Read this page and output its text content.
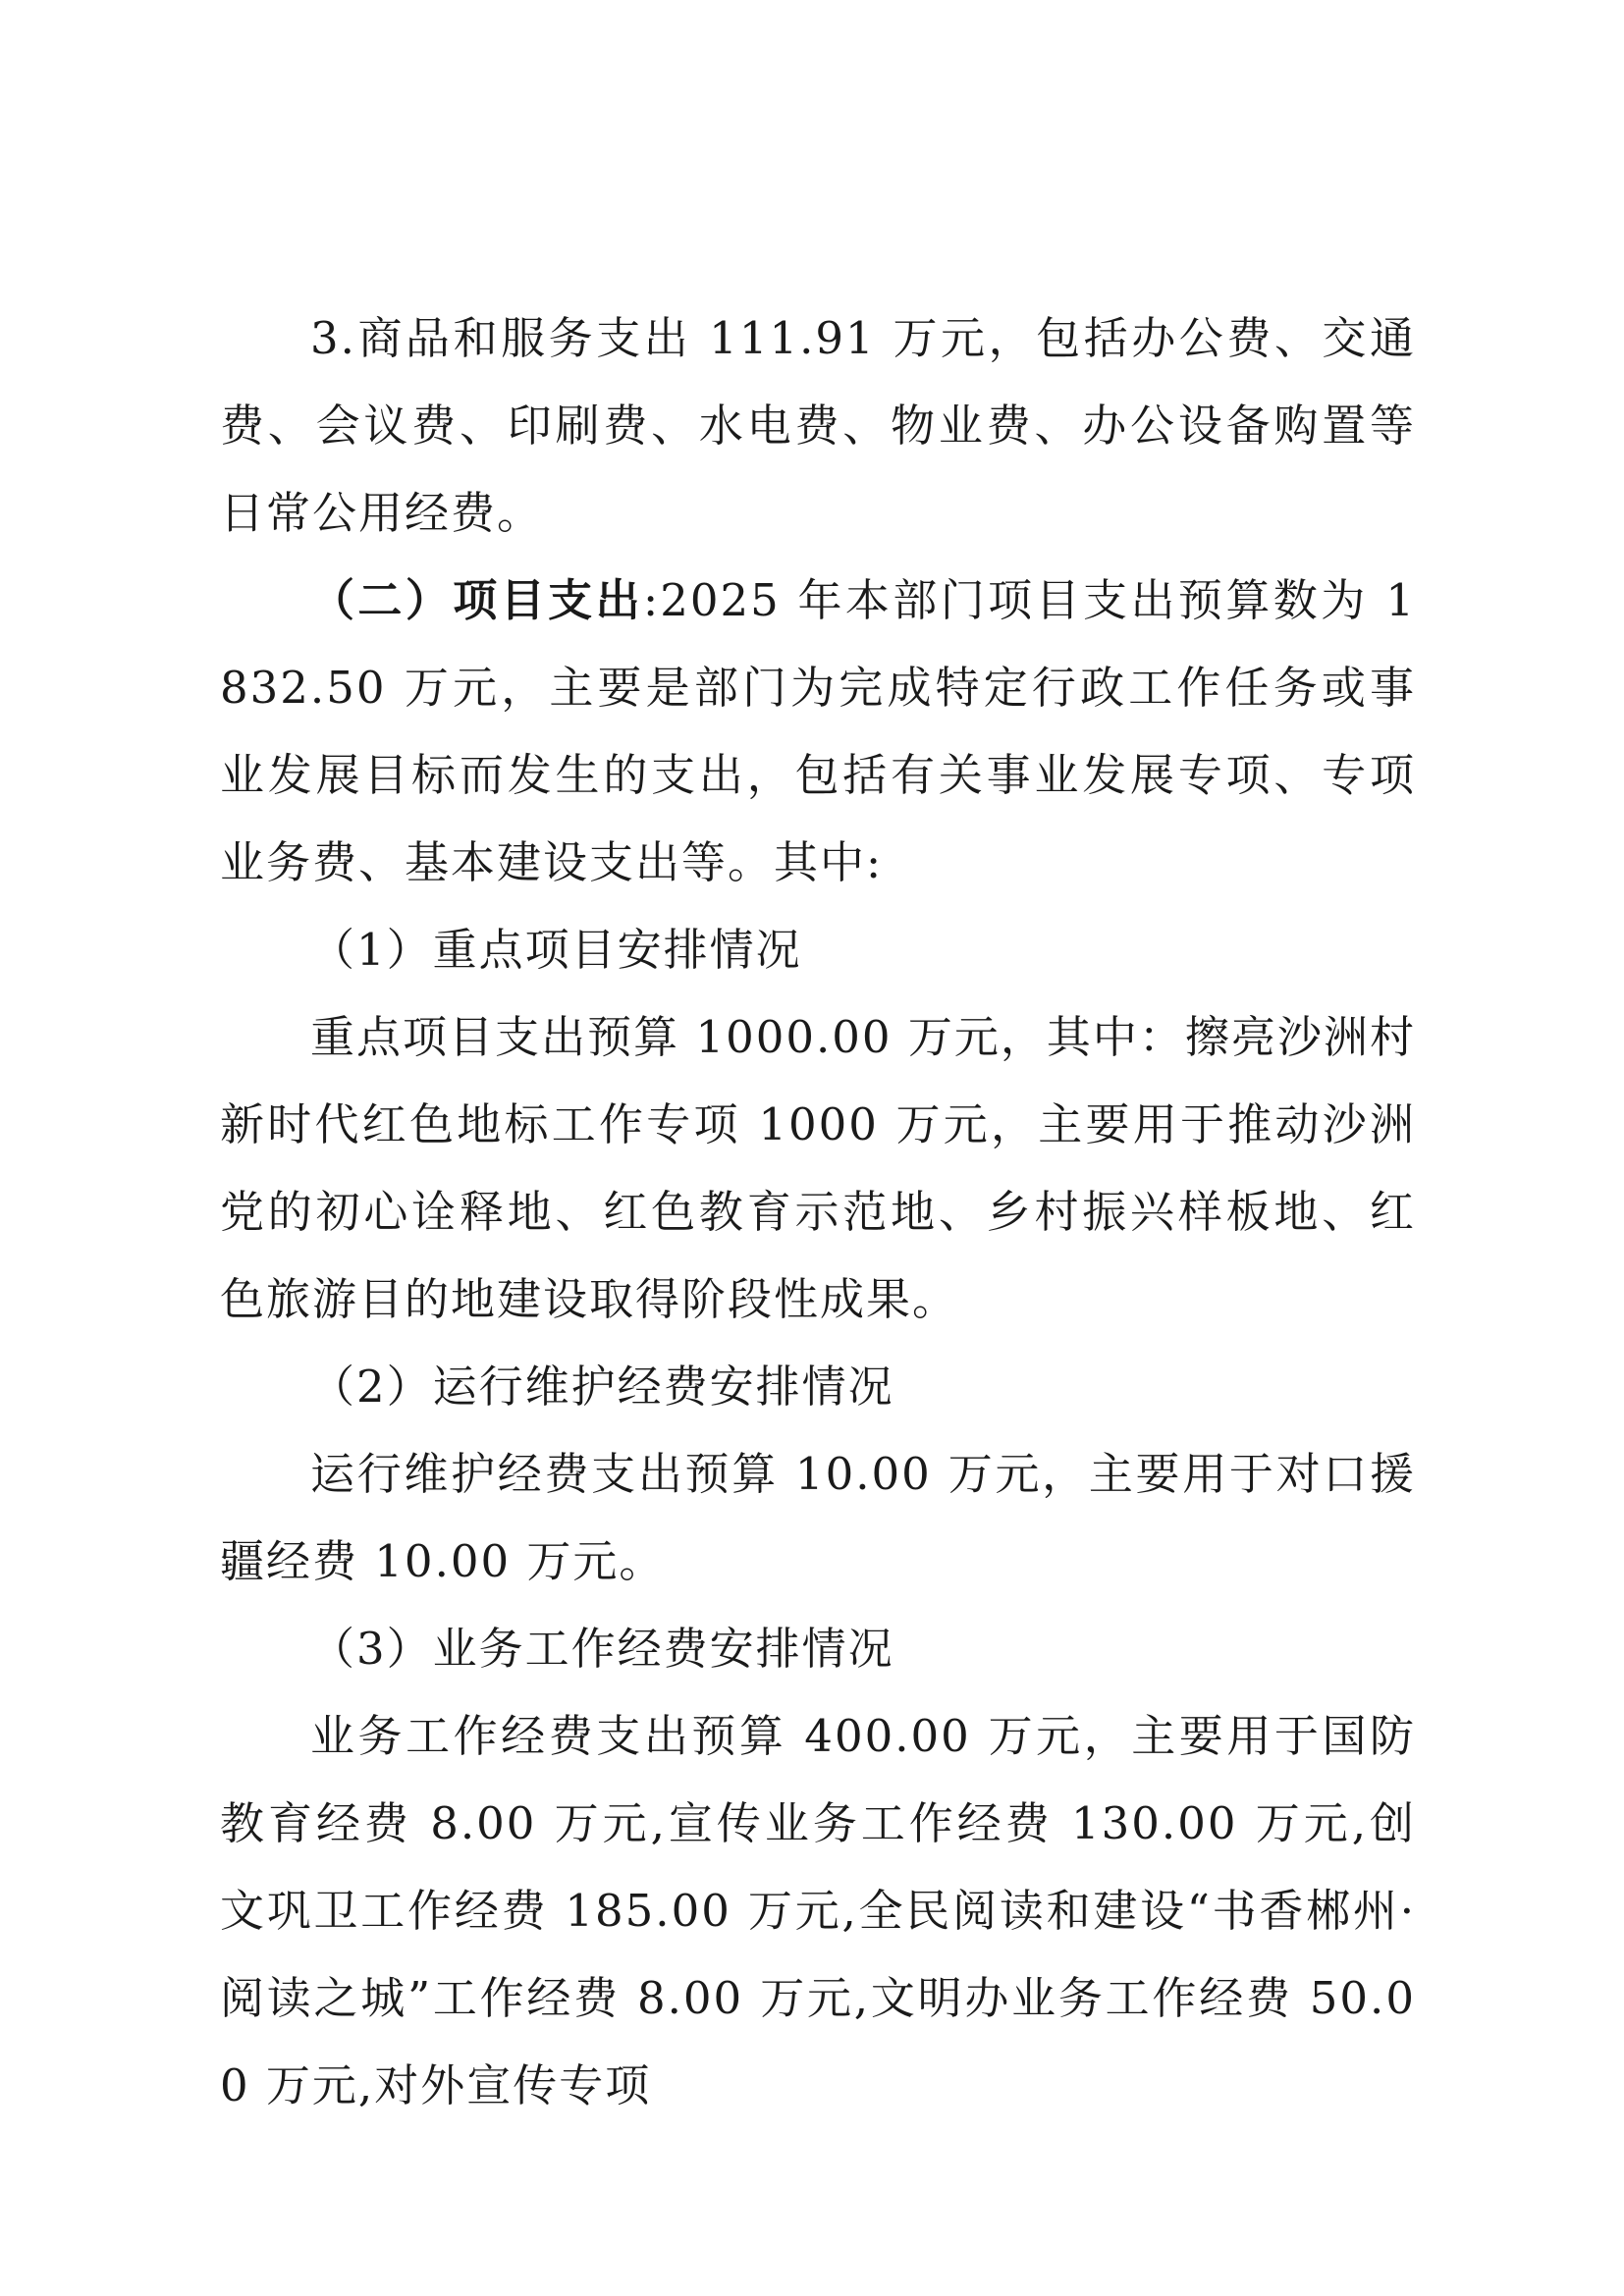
3.商品和服务支出 111.91 万元，包括办公费、交通费、会议费、印刷费、水电费、物业费、办公设备购置等日常公用经费。

（二）项目支出:2025 年本部门项目支出预算数为 1832.50 万元，主要是部门为完成特定行政工作任务或事业发展目标而发生的支出，包括有关事业发展专项、专项业务费、基本建设支出等。其中:

（1）重点项目安排情况

重点项目支出预算 1000.00 万元，其中：擦亮沙洲村新时代红色地标工作专项 1000 万元，主要用于推动沙洲党的初心诠释地、红色教育示范地、乡村振兴样板地、红色旅游目的地建设取得阶段性成果。

（2）运行维护经费安排情况

运行维护经费支出预算 10.00 万元，主要用于对口援疆经费 10.00 万元。

（3）业务工作经费安排情况

业务工作经费支出预算 400.00 万元，主要用于国防教育经费 8.00 万元,宣传业务工作经费 130.00 万元,创文巩卫工作经费 185.00 万元,全民阅读和建设“书香郴州·阅读之城”工作经费 8.00 万元,文明办业务工作经费 50.00 万元,对外宣传专项
